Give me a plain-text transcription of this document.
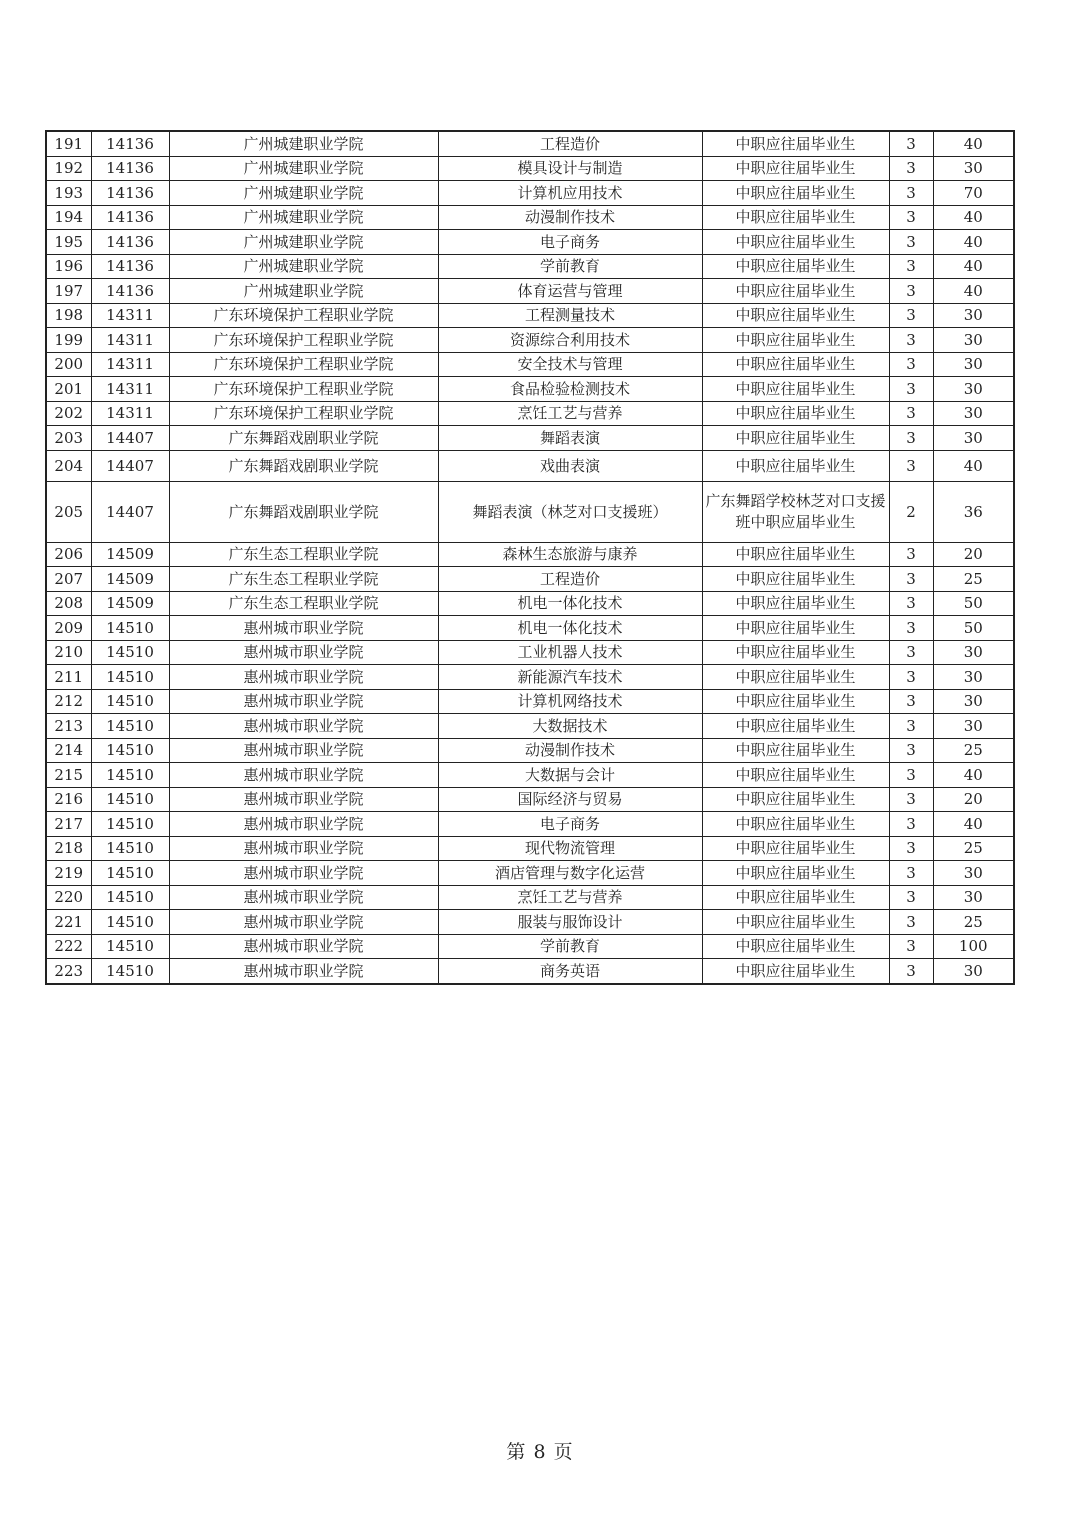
191	14136	广州城建职业学院	工程造价	中职应往届毕业生	3	40
192	14136	广州城建职业学院	模具设计与制造	中职应往届毕业生	3	30
193	14136	广州城建职业学院	计算机应用技术	中职应往届毕业生	3	70
194	14136	广州城建职业学院	动漫制作技术	中职应往届毕业生	3	40
195	14136	广州城建职业学院	电子商务	中职应往届毕业生	3	40
196	14136	广州城建职业学院	学前教育	中职应往届毕业生	3	40
197	14136	广州城建职业学院	体育运营与管理	中职应往届毕业生	3	40
198	14311	广东环境保护工程职业学院	工程测量技术	中职应往届毕业生	3	30
199	14311	广东环境保护工程职业学院	资源综合利用技术	中职应往届毕业生	3	30
200	14311	广东环境保护工程职业学院	安全技术与管理	中职应往届毕业生	3	30
201	14311	广东环境保护工程职业学院	食品检验检测技术	中职应往届毕业生	3	30
202	14311	广东环境保护工程职业学院	烹饪工艺与营养	中职应往届毕业生	3	30
203	14407	广东舞蹈戏剧职业学院	舞蹈表演	中职应往届毕业生	3	30
204	14407	广东舞蹈戏剧职业学院	戏曲表演	中职应往届毕业生	3	40
205	14407	广东舞蹈戏剧职业学院	舞蹈表演（林芝对口支援班）	广东舞蹈学校林芝对口支援班中职应届毕业生	2	36
206	14509	广东生态工程职业学院	森林生态旅游与康养	中职应往届毕业生	3	20
207	14509	广东生态工程职业学院	工程造价	中职应往届毕业生	3	25
208	14509	广东生态工程职业学院	机电一体化技术	中职应往届毕业生	3	50
209	14510	惠州城市职业学院	机电一体化技术	中职应往届毕业生	3	50
210	14510	惠州城市职业学院	工业机器人技术	中职应往届毕业生	3	30
211	14510	惠州城市职业学院	新能源汽车技术	中职应往届毕业生	3	30
212	14510	惠州城市职业学院	计算机网络技术	中职应往届毕业生	3	30
213	14510	惠州城市职业学院	大数据技术	中职应往届毕业生	3	30
214	14510	惠州城市职业学院	动漫制作技术	中职应往届毕业生	3	25
215	14510	惠州城市职业学院	大数据与会计	中职应往届毕业生	3	40
216	14510	惠州城市职业学院	国际经济与贸易	中职应往届毕业生	3	20
217	14510	惠州城市职业学院	电子商务	中职应往届毕业生	3	40
218	14510	惠州城市职业学院	现代物流管理	中职应往届毕业生	3	25
219	14510	惠州城市职业学院	酒店管理与数字化运营	中职应往届毕业生	3	30
220	14510	惠州城市职业学院	烹饪工艺与营养	中职应往届毕业生	3	30
221	14510	惠州城市职业学院	服装与服饰设计	中职应往届毕业生	3	25
222	14510	惠州城市职业学院	学前教育	中职应往届毕业生	3	100
223	14510	惠州城市职业学院	商务英语	中职应往届毕业生	3	30
第 8 页
